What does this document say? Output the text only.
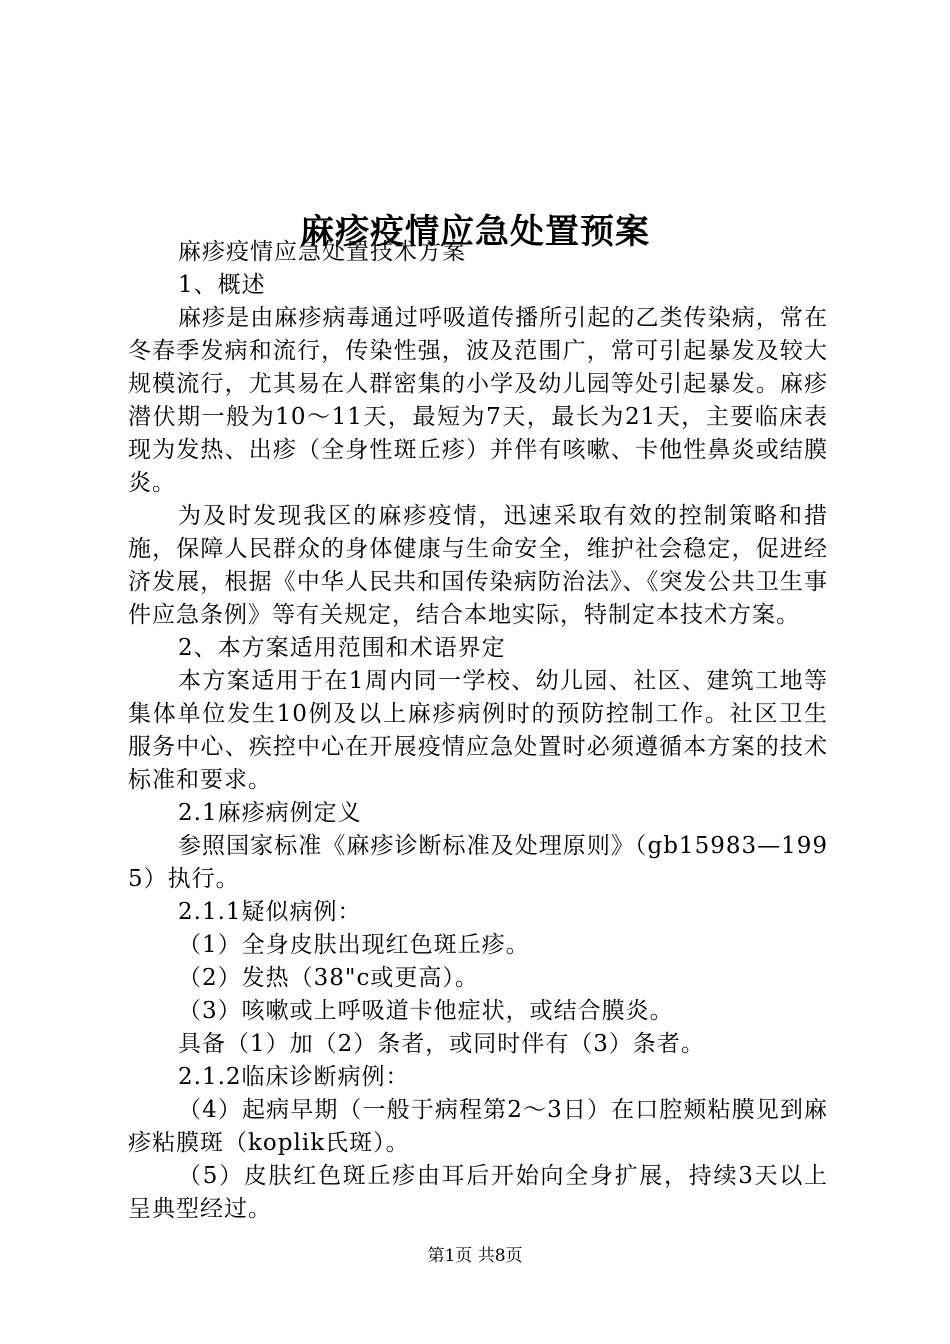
麻疹疫情应急处置预案

麻疹疫情应急处置技术方案

1、概述

麻疹是由麻疹病毒通过呼吸道传播所引起的乙类传染病，常在冬春季发病和流行，传染性强，波及范围广，常可引起暴发及较大规模流行，尤其易在人群密集的小学及幼儿园等处引起暴发。麻疹潜伏期一般为10～11天，最短为7天，最长为21天，主要临床表现为发热、出疹（全身性斑丘疹）并伴有咳嗽、卡他性鼻炎或结膜炎。

为及时发现我区的麻疹疫情，迅速采取有效的控制策略和措施，保障人民群众的身体健康与生命安全，维护社会稳定，促进经济发展，根据《中华人民共和国传染病防治法》、《突发公共卫生事件应急条例》等有关规定，结合本地实际，特制定本技术方案。

2、本方案适用范围和术语界定

本方案适用于在1周内同一学校、幼儿园、社区、建筑工地等集体单位发生10例及以上麻疹病例时的预防控制工作。社区卫生服务中心、疾控中心在开展疫情应急处置时必须遵循本方案的技术标准和要求。

2.1麻疹病例定义

参照国家标准《麻疹诊断标准及处理原则》（gb15983—1995）执行。

2.1.1疑似病例：

（1）全身皮肤出现红色斑丘疹。

（2）发热（38"c或更高）。

（3）咳嗽或上呼吸道卡他症状，或结合膜炎。

具备（1）加（2）条者，或同时伴有（3）条者。

2.1.2临床诊断病例：

（4）起病早期（一般于病程第2～3日）在口腔颊粘膜见到麻疹粘膜斑（koplik氏斑）。

（5）皮肤红色斑丘疹由耳后开始向全身扩展，持续3天以上呈典型经过。

第1页 共8页
